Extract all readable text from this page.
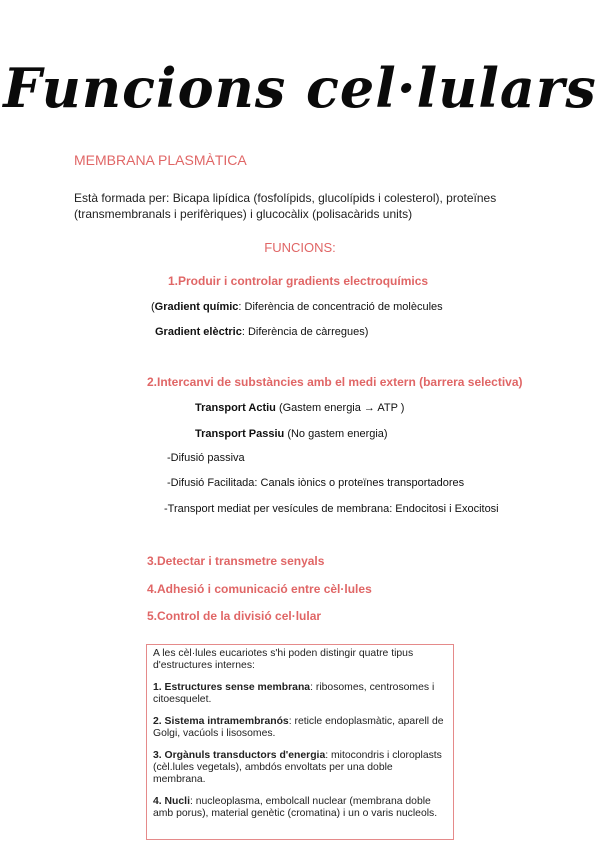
Funcions cel·lulars
MEMBRANA PLASMÀTICA
Està formada per: Bicapa lipídica (fosfolípids, glucolípids i colesterol), proteïnes
(transmembranals i perifèriques) i glucocàlix (polisacàrids units)
FUNCIONS:
1.Produir i controlar gradients electroquímics
(Gradient químic: Diferència de concentració de molècules
Gradient elèctric: Diferència de càrregues)
2.Intercanvi de substàncies amb el medi extern (barrera selectiva)
Transport Actiu (Gastem energia → ATP )
Transport Passiu (No gastem energia)
-Difusió passiva
-Difusió Facilitada: Canals iònics o proteïnes transportadores
-Transport mediat per vesícules de membrana: Endocitosi i Exocitosi
3.Detectar i transmetre senyals
4.Adhesió i comunicació entre cèl·lules
5.Control de la divisió cel·lular

A les cèl·lules eucariotes s'hi poden distingir quatre tipus d'estructures internes:

1. Estructures sense membrana: ribosomes, centrosomes i citoesquelet.

2. Sistema intramembranós: reticle endoplasmàtic, aparell de Golgi, vacúols i lisosomes.

3. Orgànuls transductors d'energia: mitocondris i cloroplasts (cèl.lules vegetals), ambdós envoltats per una doble membrana.

4. Nucli: nucleoplasma, embolcall nuclear (membrana doble amb porus), material genètic (cromatina) i un o varis nucleols.
